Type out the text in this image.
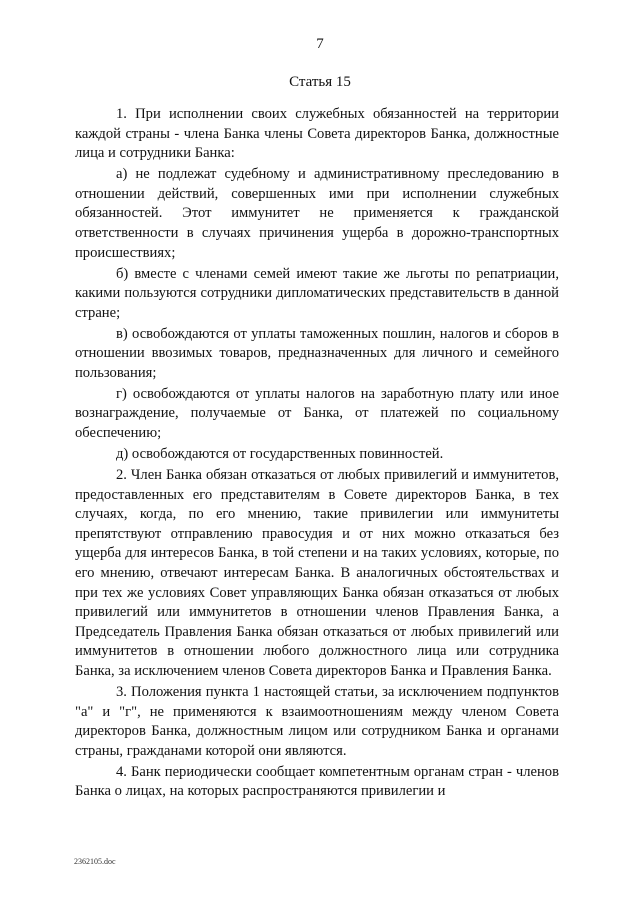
7
Статья 15

1. При исполнении своих служебных обязанностей на территории каждой страны - члена Банка члены Совета директоров Банка, должностные лица и сотрудники Банка:

а) не подлежат судебному и административному преследованию в отношении действий, совершенных ими при исполнении служебных обязанностей. Этот иммунитет не применяется к гражданской ответственности в случаях причинения ущерба в дорожно-транспортных происшествиях;

б) вместе с членами семей имеют такие же льготы по репатриации, какими пользуются сотрудники дипломатических представительств в данной стране;

в) освобождаются от уплаты таможенных пошлин, налогов и сборов в отношении ввозимых товаров, предназначенных для личного и семейного пользования;

г) освобождаются от уплаты налогов на заработную плату или иное вознаграждение, получаемые от Банка, от платежей по социальному обеспечению;

д) освобождаются от государственных повинностей.

2. Член Банка обязан отказаться от любых привилегий и иммунитетов, предоставленных его представителям в Совете директоров Банка, в тех случаях, когда, по его мнению, такие привилегии или иммунитеты препятствуют отправлению правосудия и от них можно отказаться без ущерба для интересов Банка, в той степени и на таких условиях, которые, по его мнению, отвечают интересам Банка. В аналогичных обстоятельствах и при тех же условиях Совет управляющих Банка обязан отказаться от любых привилегий или иммунитетов в отношении членов Правления Банка, а Председатель Правления Банка обязан отказаться от любых привилегий или иммунитетов в отношении любого должностного лица или сотрудника Банка, за исключением членов Совета директоров Банка и Правления Банка.

3. Положения пункта 1 настоящей статьи, за исключением подпунктов "а" и "г", не применяются к взаимоотношениям между членом Совета директоров Банка, должностным лицом или сотрудником Банка и органами страны, гражданами которой они являются.

4. Банк периодически сообщает компетентным органам стран - членов Банка о лицах, на которых распространяются привилегии и

2362105.doc
